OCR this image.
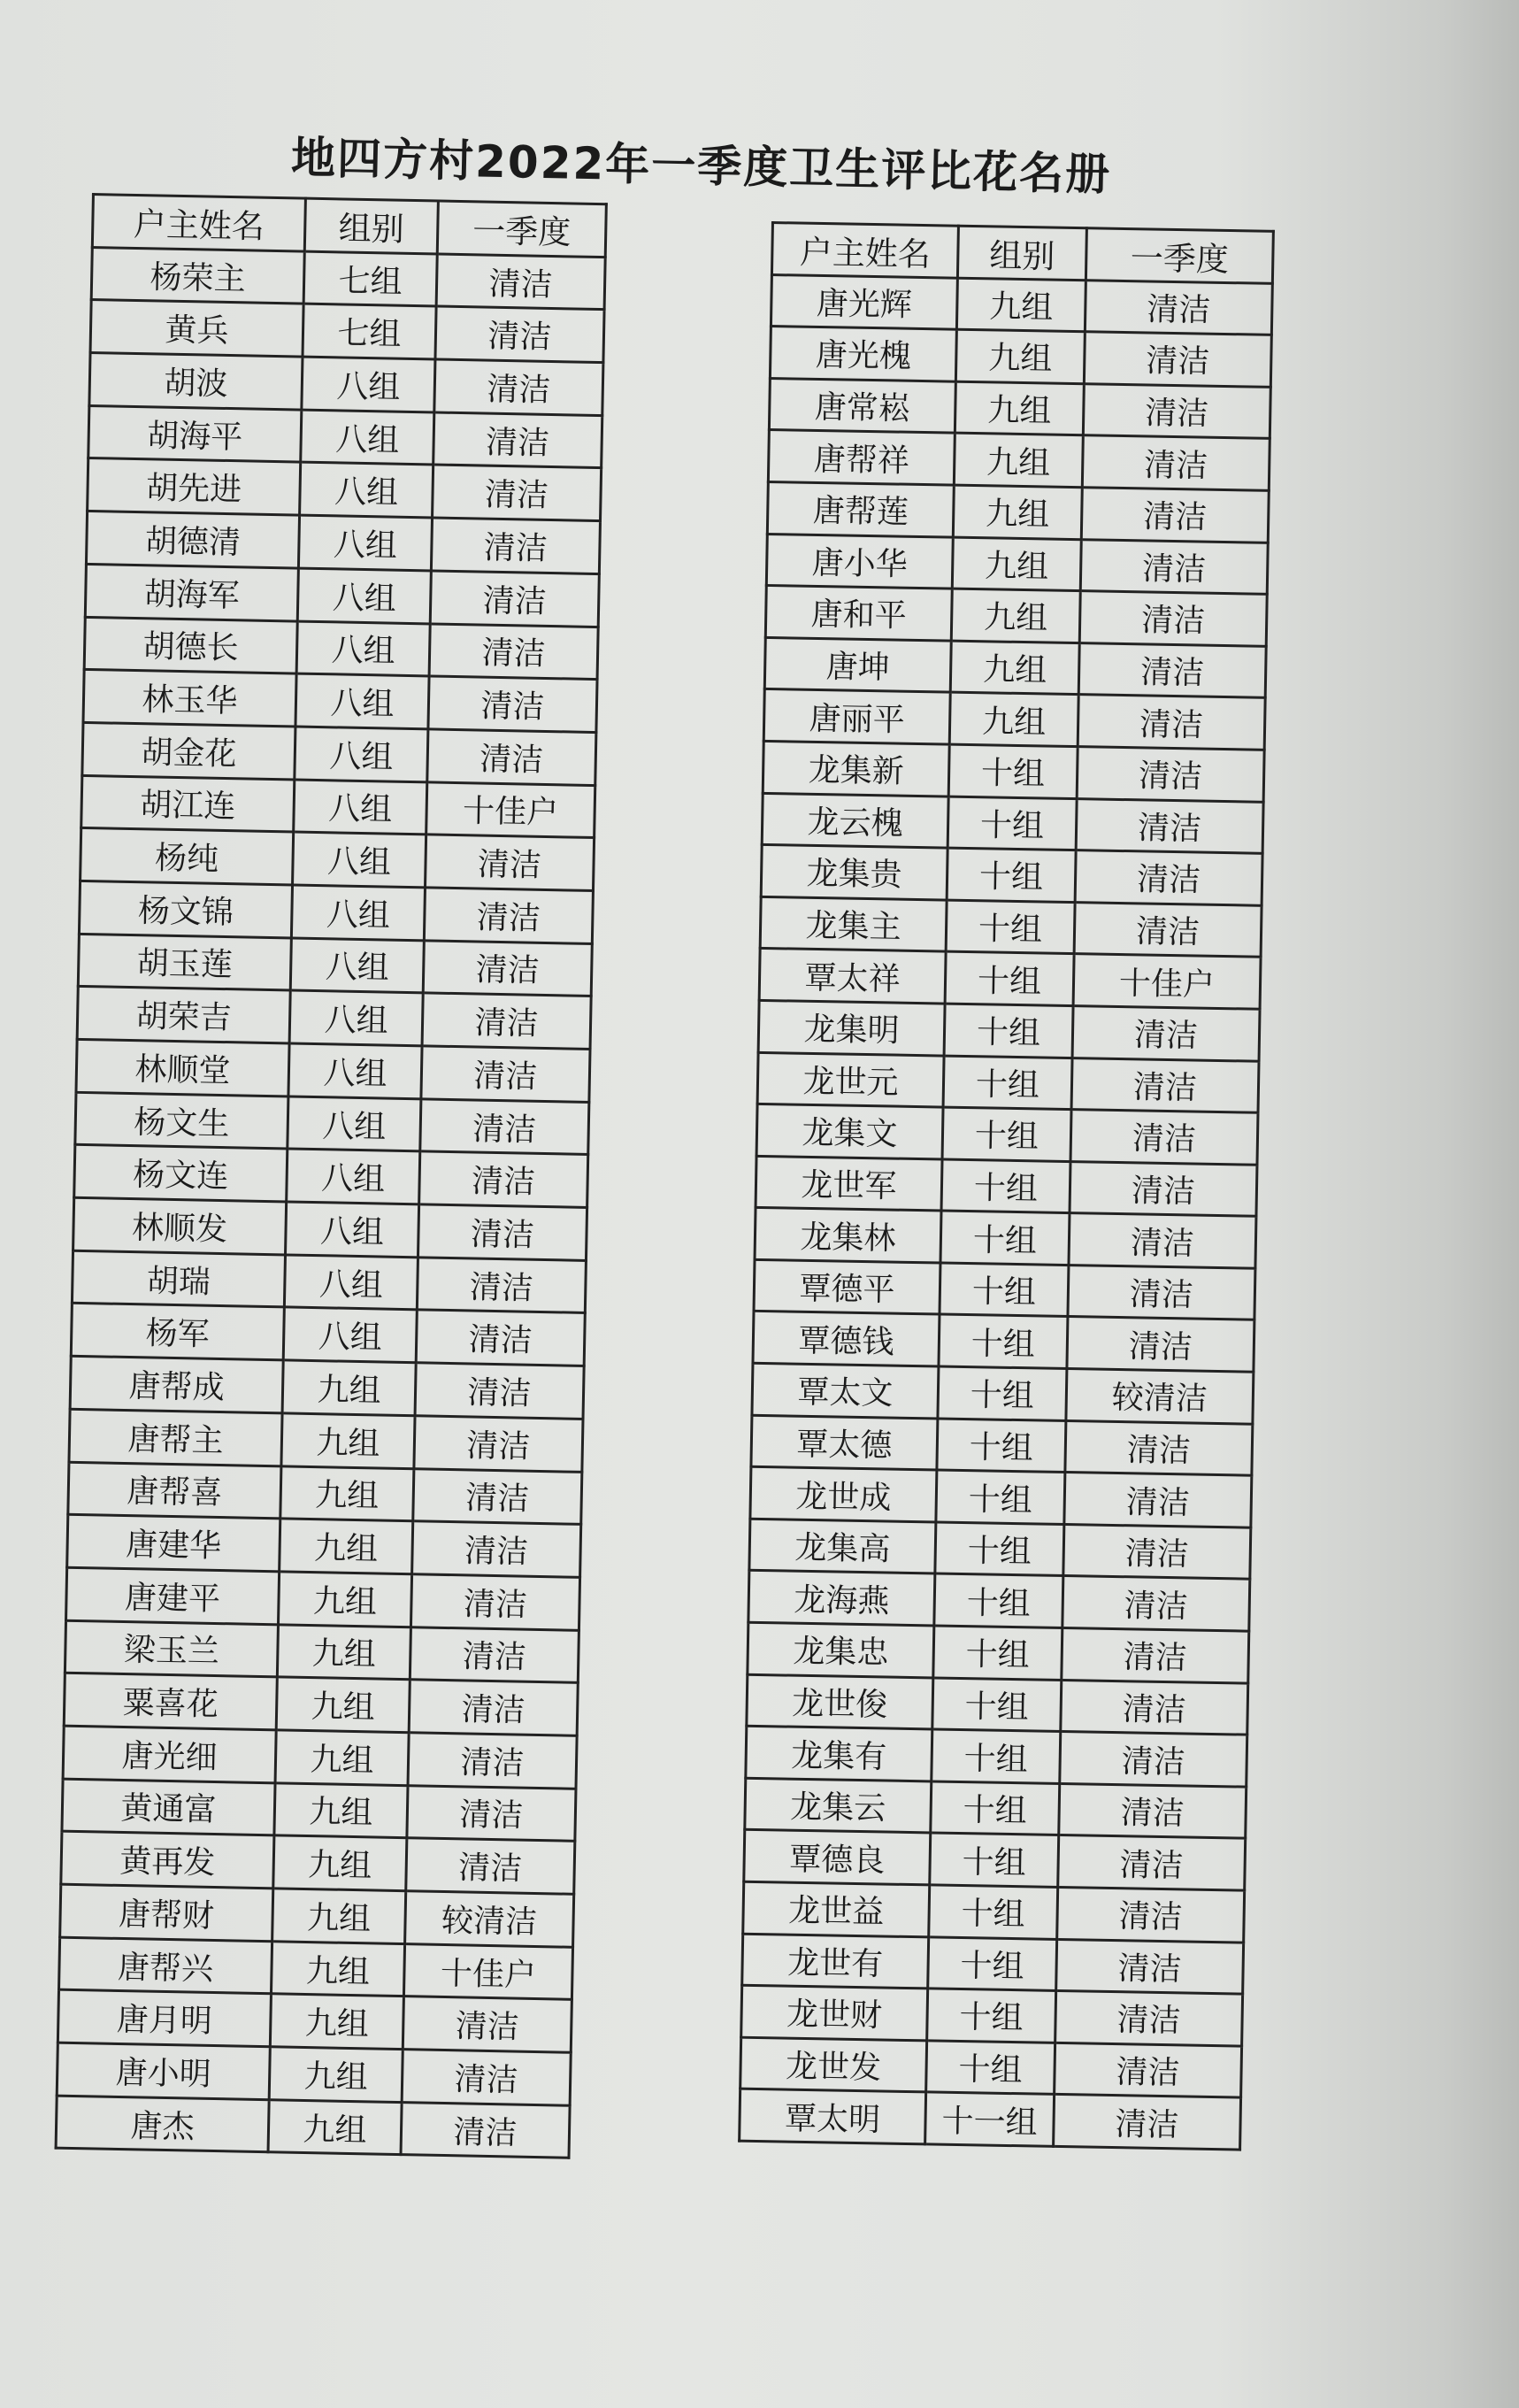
地四方村2022年一季度卫生评比花名册
户主姓名	组别	一季度
杨荣主	七组	清洁
黄兵	七组	清洁
胡波	八组	清洁
胡海平	八组	清洁
胡先进	八组	清洁
胡德清	八组	清洁
胡海军	八组	清洁
胡德长	八组	清洁
林玉华	八组	清洁
胡金花	八组	清洁
胡江连	八组	十佳户
杨纯	八组	清洁
杨文锦	八组	清洁
胡玉莲	八组	清洁
胡荣吉	八组	清洁
林顺堂	八组	清洁
杨文生	八组	清洁
杨文连	八组	清洁
林顺发	八组	清洁
胡瑞	八组	清洁
杨军	八组	清洁
唐帮成	九组	清洁
唐帮主	九组	清洁
唐帮喜	九组	清洁
唐建华	九组	清洁
唐建平	九组	清洁
梁玉兰	九组	清洁
粟喜花	九组	清洁
唐光细	九组	清洁
黄通富	九组	清洁
黄再发	九组	清洁
唐帮财	九组	较清洁
唐帮兴	九组	十佳户
唐月明	九组	清洁
唐小明	九组	清洁
唐杰	九组	清洁
户主姓名	组别	一季度
唐光辉	九组	清洁
唐光槐	九组	清洁
唐常崧	九组	清洁
唐帮祥	九组	清洁
唐帮莲	九组	清洁
唐小华	九组	清洁
唐和平	九组	清洁
唐坤	九组	清洁
唐丽平	九组	清洁
龙集新	十组	清洁
龙云槐	十组	清洁
龙集贵	十组	清洁
龙集主	十组	清洁
覃太祥	十组	十佳户
龙集明	十组	清洁
龙世元	十组	清洁
龙集文	十组	清洁
龙世军	十组	清洁
龙集林	十组	清洁
覃德平	十组	清洁
覃德钱	十组	清洁
覃太文	十组	较清洁
覃太德	十组	清洁
龙世成	十组	清洁
龙集高	十组	清洁
龙海燕	十组	清洁
龙集忠	十组	清洁
龙世俊	十组	清洁
龙集有	十组	清洁
龙集云	十组	清洁
覃德良	十组	清洁
龙世益	十组	清洁
龙世有	十组	清洁
龙世财	十组	清洁
龙世发	十组	清洁
覃太明	十一组	清洁
